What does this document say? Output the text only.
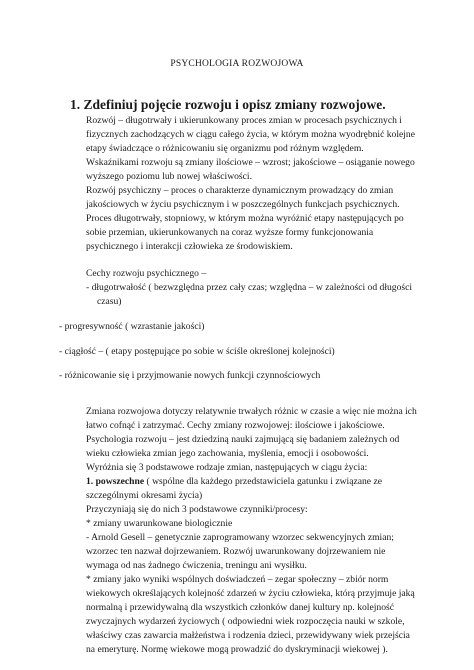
PSYCHOLOGIA ROZWOJOWA
1. Zdefiniuj pojęcie rozwoju i opisz zmiany rozwojowe.
Rozwój – długotrwały i ukierunkowany proces zmian w procesach psychicznych i
fizycznych zachodzących w ciągu całego życia, w którym można wyodrębnić kolejne
etapy świadczące o różnicowaniu się organizmu pod różnym względem.
Wskaźnikami rozwoju są zmiany ilościowe – wzrost; jakościowe – osiąganie nowego
wyższego poziomu lub nowej właściwości.
Rozwój psychiczny – proces o charakterze dynamicznym prowadzący do zmian
jakościowych w życiu psychicznym i w poszczególnych funkcjach psychicznych.
Proces długotrwały, stopniowy, w którym można wyróżnić etapy następujących po
sobie przemian, ukierunkowanych na coraz wyższe formy funkcjonowania
psychicznego i interakcji człowieka ze środowiskiem.
Cechy rozwoju psychicznego –
- długotrwałość ( bezwzględna przez cały czas; względna – w zależności od długości
czasu)
- progresywność ( wzrastanie jakości)
- ciągłość – ( etapy postępujące po sobie w ściśle określonej kolejności)
- różnicowanie się i przyjmowanie nowych funkcji czynnościowych
Zmiana rozwojowa dotyczy relatywnie trwałych różnic w czasie a więc nie można ich
łatwo cofnąć i zatrzymać. Cechy zmiany rozwojowej: ilościowe i jakościowe.
Psychologia rozwoju – jest dziedziną nauki zajmującą się badaniem zależnych od
wieku człowieka zmian jego zachowania, myślenia, emocji i osobowości.
Wyróżnia się 3 podstawowe rodzaje zmian, następujących w ciągu życia:
1. powszechne ( wspólne dla każdego przedstawiciela gatunku i związane ze
szczególnymi okresami życia)
Przyczyniają się do nich 3 podstawowe czynniki/procesy:
* zmiany uwarunkowane biologicznie
- Arnold Gesell – genetycznie zaprogramowany wzorzec sekwencyjnych zmian;
wzorzec ten nazwał dojrzewaniem. Rozwój uwarunkowany dojrzewaniem nie
wymaga od nas żadnego ćwiczenia, treningu ani wysiłku.
* zmiany jako wyniki wspólnych doświadczeń – zegar społeczny – zbiór norm
wiekowych określających kolejność zdarzeń w życiu człowieka, którą przyjmuje jaką
normalną i przewidywalną dla wszystkich członków danej kultury np. kolejność
zwyczajnych wydarzeń życiowych ( odpowiedni wiek rozpoczęcia nauki w szkole,
właściwy czas zawarcia małżeństwa i rodzenia dzieci, przewidywany wiek przejścia
na emeryturę. Normę wiekowe mogą prowadzić do dyskryminacji wiekowej ).
